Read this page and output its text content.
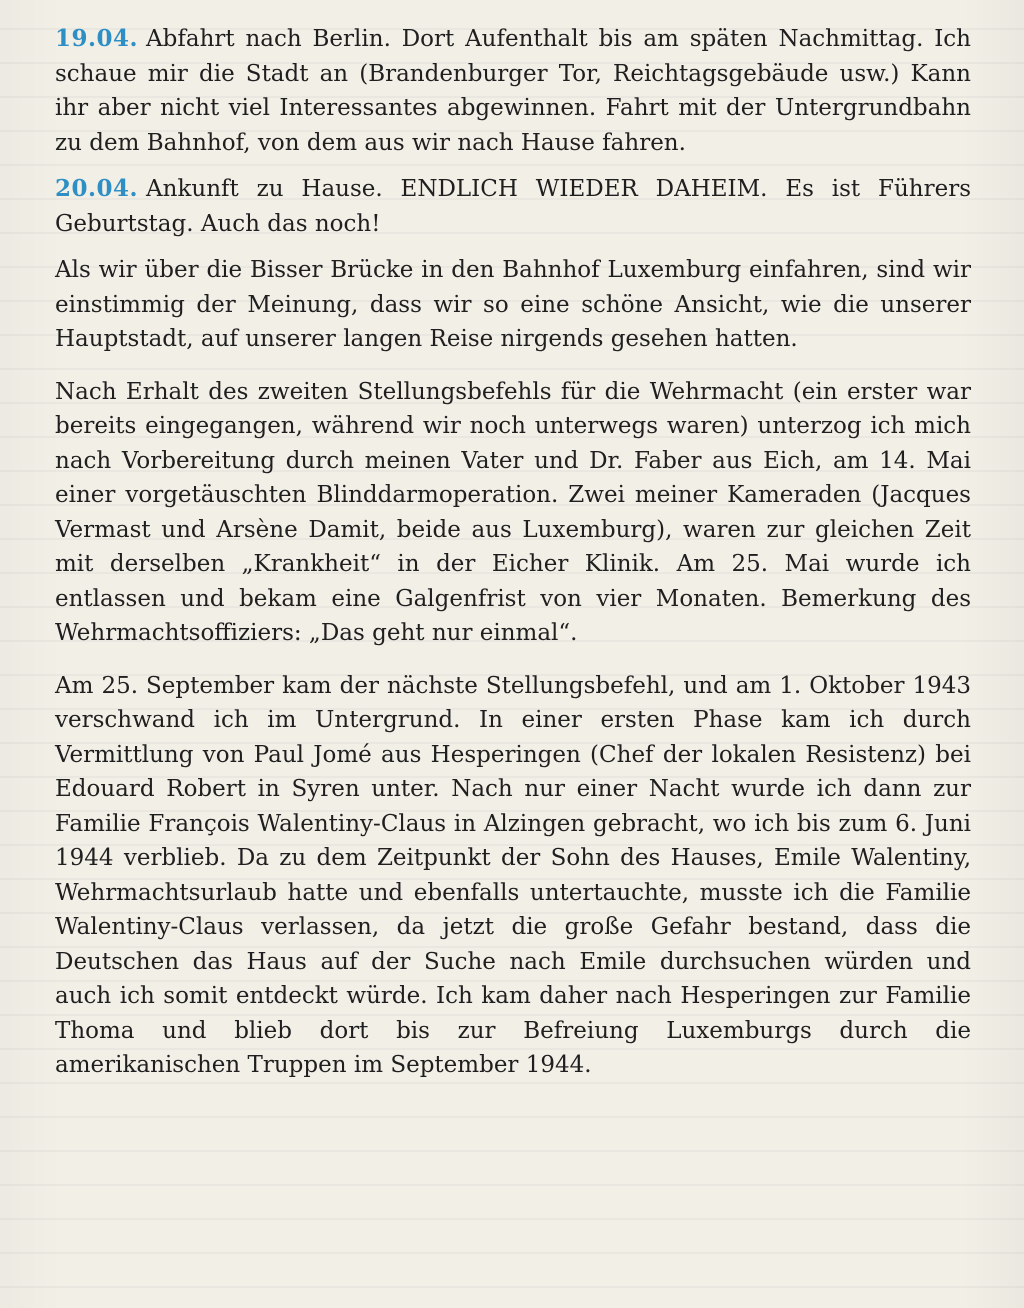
19.04. Abfahrt nach Berlin. Dort Aufenthalt bis am späten Nachmittag. Ich schaue mir die Stadt an (Brandenburger Tor, Reichtagsgebäude usw.) Kann ihr aber nicht viel Interessantes abgewinnen. Fahrt mit der Untergrundbahn zu dem Bahnhof, von dem aus wir nach Hause fahren.

20.04. Ankunft zu Hause. ENDLICH WIEDER DAHEIM. Es ist Führers Geburtstag. Auch das noch!

Als wir über die Bisser Brücke in den Bahnhof Luxemburg einfahren, sind wir einstimmig der Meinung, dass wir so eine schöne Ansicht, wie die unserer Hauptstadt, auf unserer langen Reise nirgends gesehen hatten.

Nach Erhalt des zweiten Stellungsbefehls für die Wehrmacht (ein erster war bereits eingegangen, während wir noch unterwegs waren) unterzog ich mich nach Vorbereitung durch meinen Vater und Dr. Faber aus Eich, am 14. Mai einer vorgetäuschten Blinddarmoperation. Zwei meiner Kameraden (Jacques Vermast und Arsène Damit, beide aus Luxemburg), waren zur gleichen Zeit mit derselben „Krankheit“ in der Eicher Klinik. Am 25. Mai wurde ich entlassen und bekam eine Galgenfrist von vier Monaten. Bemerkung des Wehrmachtsoffiziers: „Das geht nur einmal“.

Am 25. September kam der nächste Stellungsbefehl, und am 1. Oktober 1943 verschwand ich im Untergrund. In einer ersten Phase kam ich durch Vermittlung von Paul Jomé aus Hesperingen (Chef der lokalen Resistenz) bei Edouard Robert in Syren unter. Nach nur einer Nacht wurde ich dann zur Familie François Walentiny-Claus in Alzingen gebracht, wo ich bis zum 6. Juni 1944 verblieb. Da zu dem Zeitpunkt der Sohn des Hauses, Emile Walentiny, Wehrmachtsurlaub hatte und ebenfalls untertauchte, musste ich die Familie Walentiny-Claus verlassen, da jetzt die große Gefahr bestand, dass die Deutschen das Haus auf der Suche nach Emile durchsuchen würden und auch ich somit entdeckt würde. Ich kam daher nach Hesperingen zur Familie Thoma und blieb dort bis zur Befreiung Luxemburgs durch die amerikanischen Truppen im September 1944.
